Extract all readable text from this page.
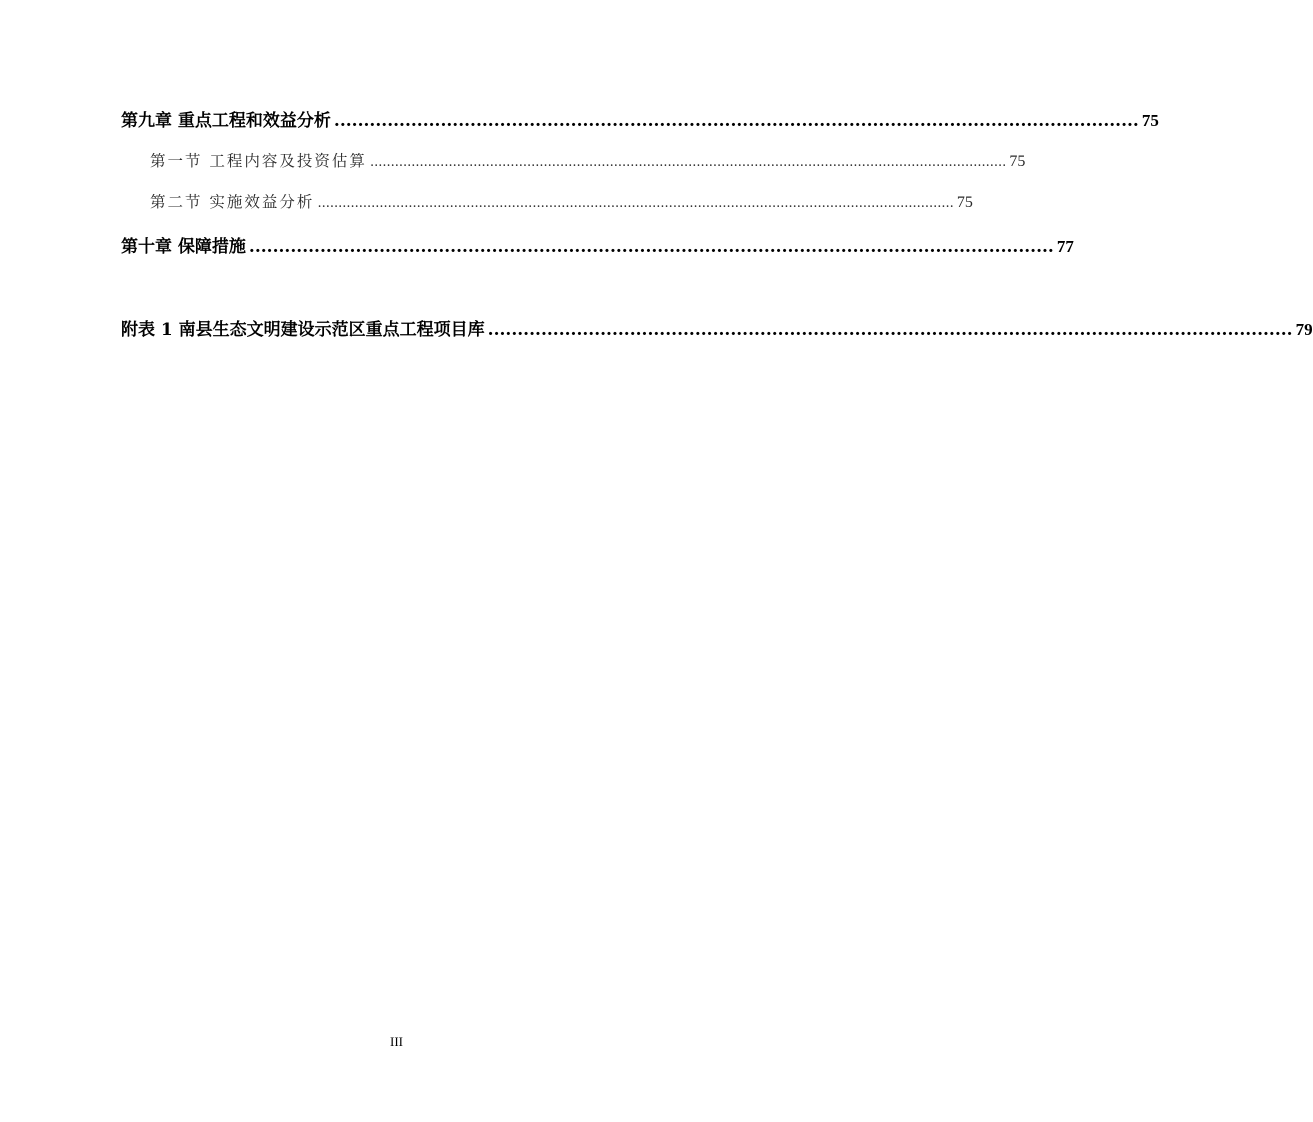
第九章 重点工程和效益分析 ........................................................................................................................................ 75
第一节 工程内容及投资估算 .......................................................................................................................................................... 75
第二节 实施效益分析 .......................................................................................................................................................... 75
第十章 保障措施 ........................................................................................................................................ 77
附表 1 南县生态文明建设示范区重点工程项目库 ........................................................................................................................................ 79
III
